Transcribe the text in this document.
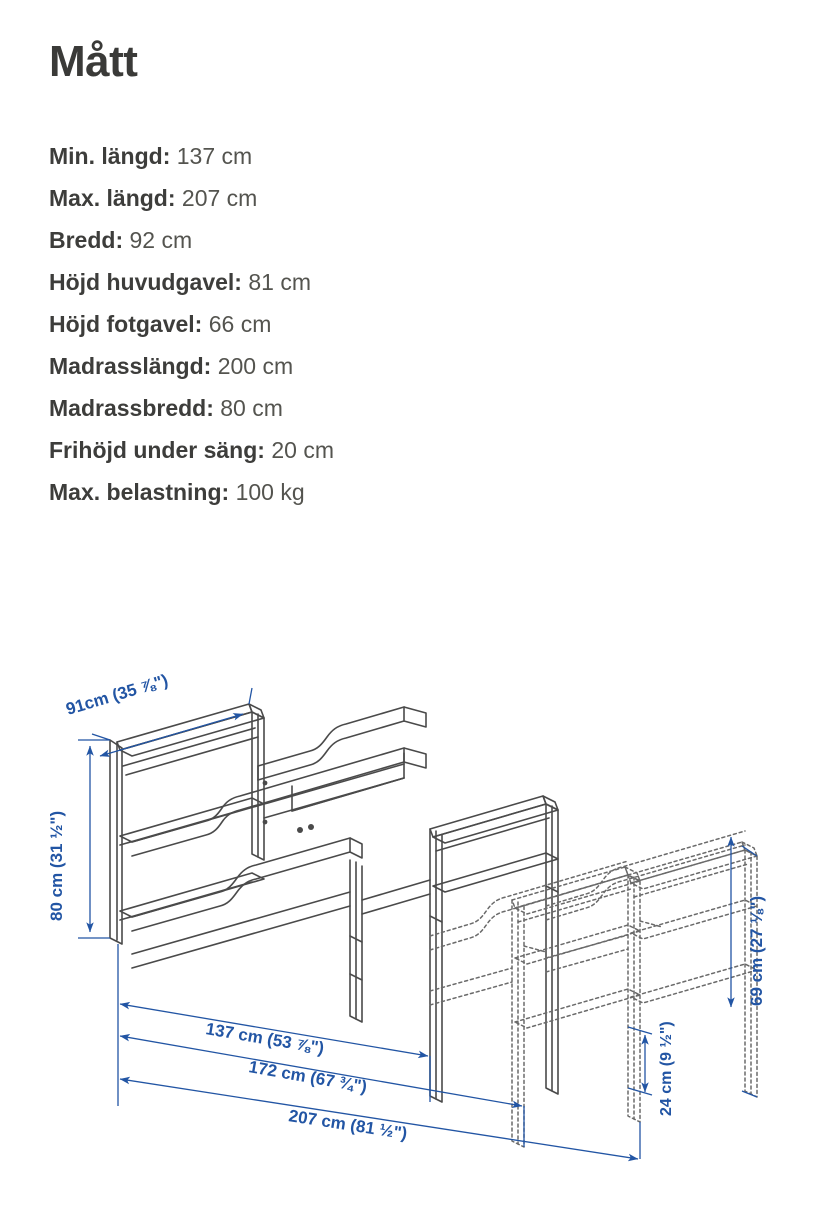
Mått
Min. längd: 137 cm
Max. längd: 207 cm
Bredd: 92 cm
Höjd huvudgavel: 81 cm
Höjd fotgavel: 66 cm
Madrasslängd: 200 cm
Madrassbredd: 80 cm
Frihöjd under säng: 20 cm
Max. belastning: 100 kg
91cm (35 ⅞")
80 cm (31 ½")
69 cm (27 ⅛")
24 cm (9 ½")
137 cm (53 ⅞")
172 cm (67 ¾")
207 cm (81 ½")
